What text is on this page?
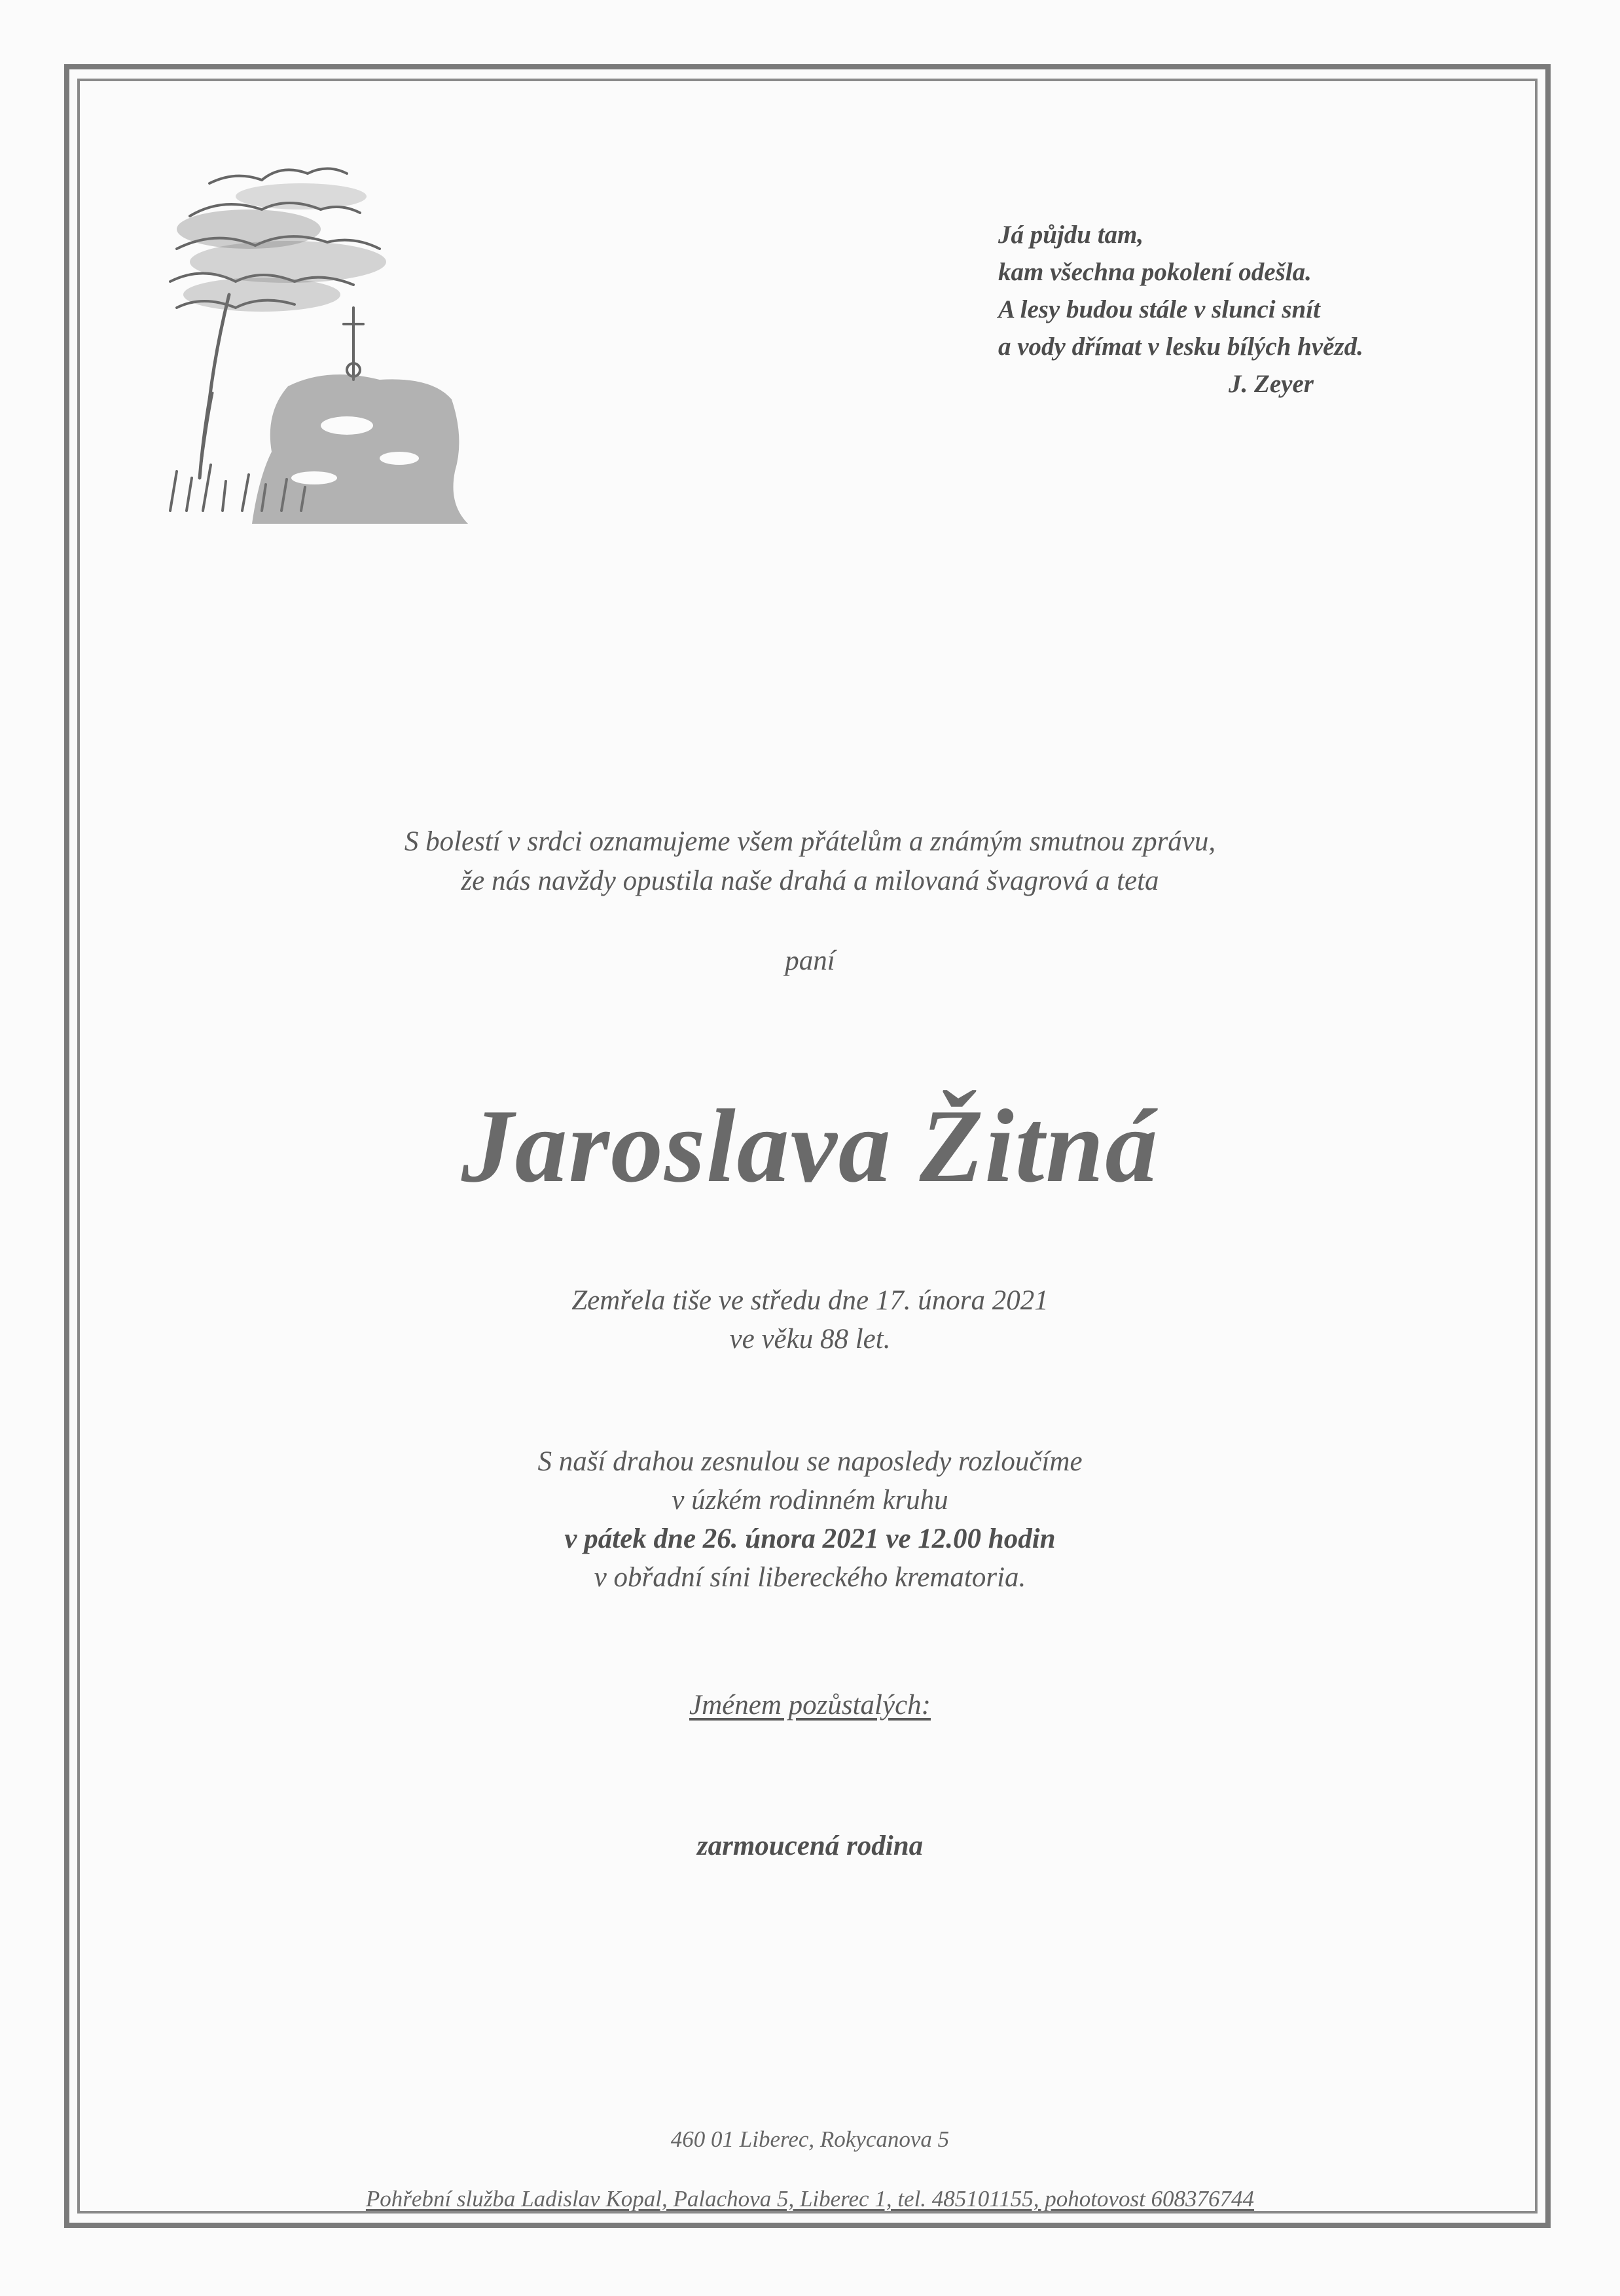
Já půjdu tam,
kam všechna pokolení odešla.
A lesy budou stále v slunci snít
a vody dřímat v lesku bílých hvězd.
J. Zeyer
S bolestí v srdci oznamujeme všem přátelům a známým smutnou zprávu,
že nás navždy opustila naše drahá a milovaná švagrová a teta
paní
Jaroslava Žitná
Zemřela tiše ve středu dne 17. února 2021
ve věku 88 let.
S naší drahou zesnulou se naposledy rozloučíme
v úzkém rodinném kruhu
v pátek dne 26. února 2021 ve 12.00 hodin
v obřadní síni libereckého krematoria.
Jménem pozůstalých:
zarmoucená rodina
460 01 Liberec, Rokycanova 5
Pohřební služba Ladislav Kopal, Palachova 5, Liberec 1, tel. 485101155, pohotovost 608376744
